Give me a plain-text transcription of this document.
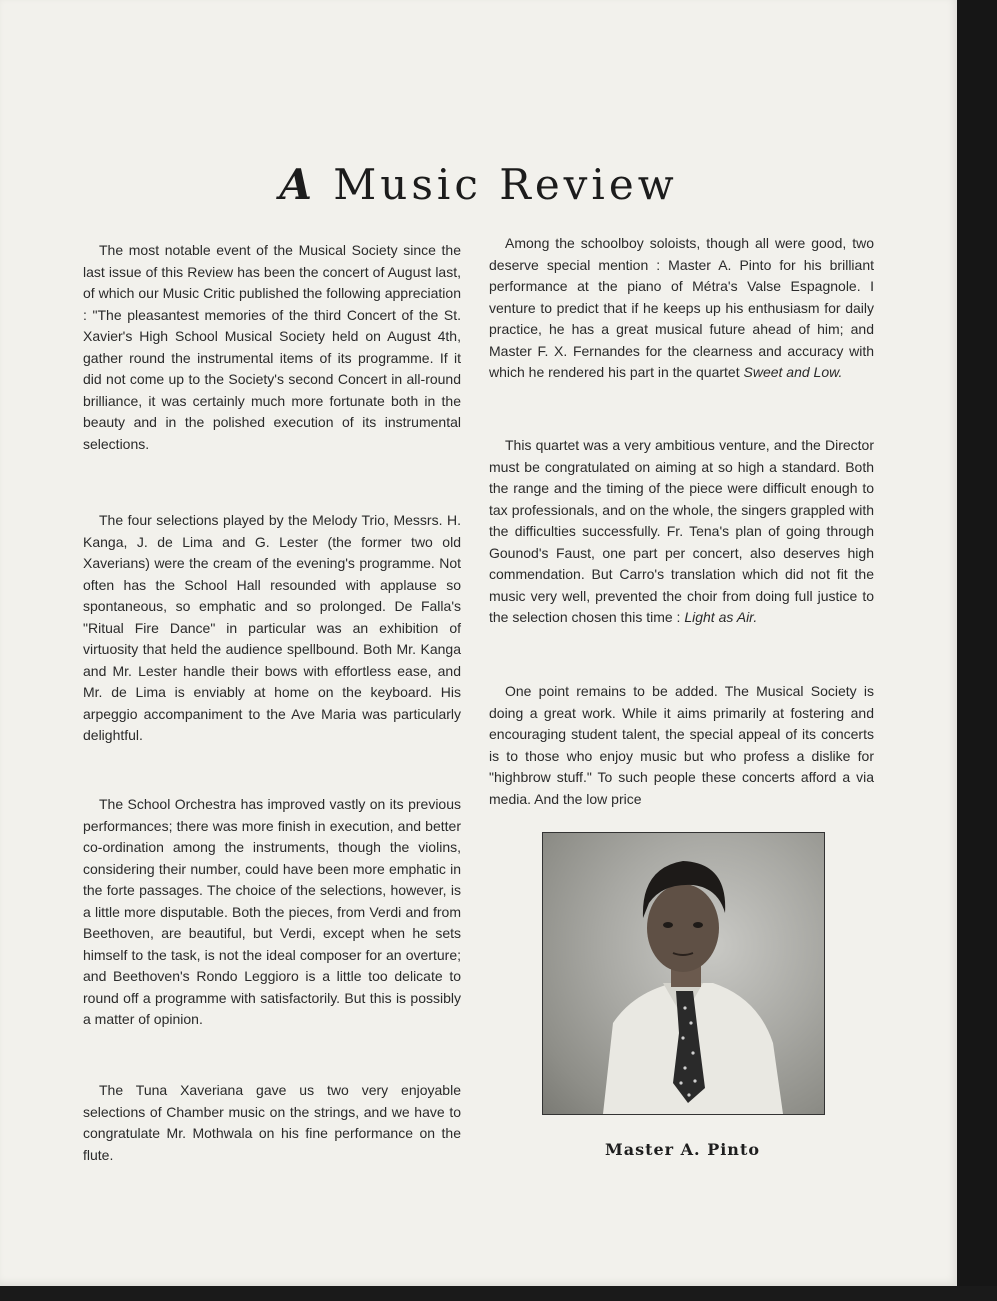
A Music Review

The most notable event of the Musical Society since the last issue of this Review has been the concert of August last, of which our Music Critic published the following appreciation : "The pleasantest memories of the third Concert of the St. Xavier's High School Musical Society held on August 4th, gather round the instrumental items of its programme. If it did not come up to the Society's second Concert in all-round brilliance, it was certainly much more fortunate both in the beauty and in the polished execution of its instrumental selections.

The four selections played by the Melody Trio, Messrs. H. Kanga, J. de Lima and G. Lester (the former two old Xaverians) were the cream of the evening's programme. Not often has the School Hall resounded with applause so spontaneous, so emphatic and so prolonged. De Falla's "Ritual Fire Dance" in particular was an exhibition of virtuosity that held the audience spellbound. Both Mr. Kanga and Mr. Lester handle their bows with effortless ease, and Mr. de Lima is enviably at home on the keyboard. His arpeggio accompaniment to the Ave Maria was particularly delightful.

The School Orchestra has improved vastly on its previous performances; there was more finish in execution, and better co-ordination among the instruments, though the violins, considering their number, could have been more emphatic in the forte passages. The choice of the selections, however, is a little more disputable. Both the pieces, from Verdi and from Beethoven, are beautiful, but Verdi, except when he sets himself to the task, is not the ideal composer for an overture; and Beethoven's Rondo Leggioro is a little too delicate to round off a programme with satisfactorily. But this is possibly a matter of opinion.

The Tuna Xaveriana gave us two very enjoyable selections of Chamber music on the strings, and we have to congratulate Mr. Mothwala on his fine performance on the flute.

Among the schoolboy soloists, though all were good, two deserve special mention : Master A. Pinto for his brilliant performance at the piano of Métra's Valse Espagnole. I venture to predict that if he keeps up his enthusiasm for daily practice, he has a great musical future ahead of him; and Master F. X. Fernandes for the clearness and accuracy with which he rendered his part in the quartet Sweet and Low.

This quartet was a very ambitious venture, and the Director must be congratulated on aiming at so high a standard. Both the range and the timing of the piece were difficult enough to tax professionals, and on the whole, the singers grappled with the difficulties successfully. Fr. Tena's plan of going through Gounod's Faust, one part per concert, also deserves high commendation. But Carro's translation which did not fit the music very well, prevented the choir from doing full justice to the selection chosen this time : Light as Air.

One point remains to be added. The Musical Society is doing a great work. While it aims primarily at fostering and encouraging student talent, the special appeal of its concerts is to those who enjoy music but who profess a dislike for "highbrow stuff." To such people these concerts afford a via media. And the low price

Master A. Pinto
